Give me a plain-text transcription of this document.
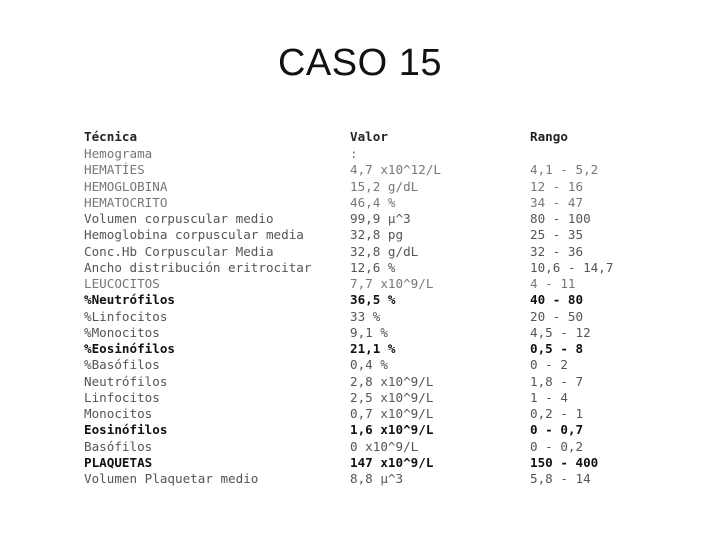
CASO 15
Técnica	Valor	Rango
Hemograma	:
HEMATÍES	4,7 x10^12/L	4,1 - 5,2
HEMOGLOBINA	15,2 g/dL	12 - 16
HEMATOCRITO	46,4 %	34 - 47
Volumen corpuscular medio	99,9 µ^3	80 - 100
Hemoglobina corpuscular media	32,8 pg	25 - 35
Conc.Hb Corpuscular Media	32,8 g/dL	32 - 36
Ancho distribución eritrocitar	12,6 %	10,6 - 14,7
LEUCOCITOS	7,7 x10^9/L	4 - 11
%Neutrófilos	36,5 %	40 - 80
%Linfocitos	33 %	20 - 50
%Monocitos	9,1 %	4,5 - 12
%Eosinófilos	21,1 %	0,5 - 8
%Basófilos	0,4 %	0 - 2
Neutrófilos	2,8 x10^9/L	1,8 - 7
Linfocitos	2,5 x10^9/L	1 - 4
Monocitos	0,7 x10^9/L	0,2 - 1
Eosinófilos	1,6 x10^9/L	0 - 0,7
Basófilos	0 x10^9/L	0 - 0,2
PLAQUETAS	147 x10^9/L	150 - 400
Volumen Plaquetar medio	8,8 µ^3	5,8 - 14
